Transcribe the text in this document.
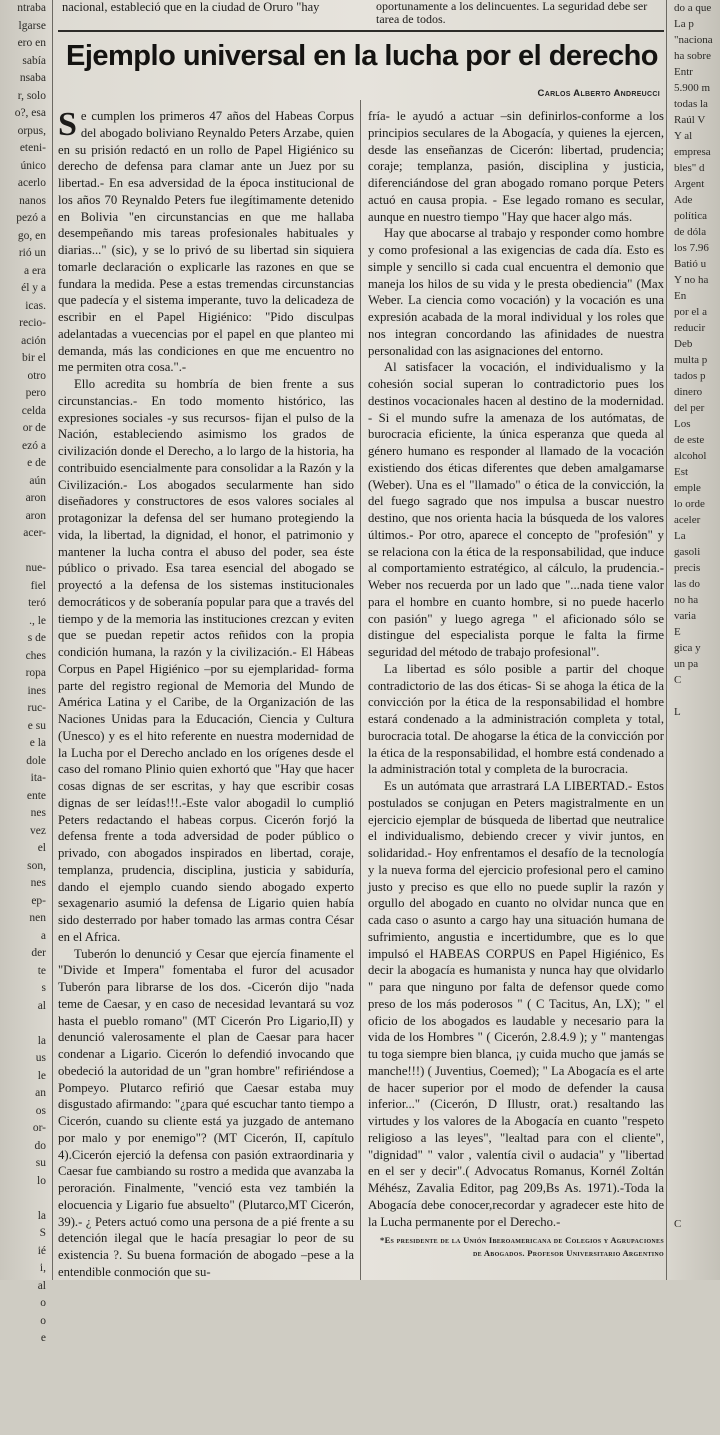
ntraba
lgarse
ero en
sabía
nsaba
r, solo
o?, esa
orpus,
eteni-
único
acerlo
nanos
pezó a
go, en
rió un
a era
él y a
icas.
recio-
ación
bir el
otro
pero
celda
or de
ezó a
e de
aún
aron
aron
acer-
nue-
fiel
teró
., le
s de
ches
ropa
ines
ruc-
e su
e la
dole
ita-
ente
nes
vez
el
son,
nes
ep-
nen
a
der
te
s
al
la
us
le
an
os
or-
do
su
lo
la
S
ié
i,
al
o
o
e
nacional, estableció que en la ciudad de Oruro "hay	oportunamente a los delincuentes. La seguridad debe ser tarea de todos.
Ejemplo universal en la lucha por el derecho
Carlos Alberto Andreucci

Se cumplen los primeros 47 años del Habeas Corpus del abogado boliviano Reynaldo Peters Arzabe, quien en su prisión redactó en un rollo de Papel Higiénico su derecho de defensa para clamar ante un Juez por su libertad.- En esa adversidad de la época institucional de los años 70 Reynaldo Peters fue ilegítimamente detenido en Bolivia "en circunstancias en que me hallaba desempeñando mis tareas profesionales habituales y diarias..." (sic), y se lo privó de su libertad sin siquiera tomarle declaración o explicarle las razones en que se fundara la medida. Pese a estas tremendas circunstancias que padecía y el sistema imperante, tuvo la delicadeza de escribir en el Papel Higiénico: "Pido disculpas adelantadas a vuecencias por el papel en que planteo mi demanda, más las condiciones en que me encuentro no me permiten otra cosa.".-

Ello acredita su hombría de bien frente a sus circunstancias.- En todo momento histórico, las expresiones sociales -y sus recursos- fijan el pulso de la Nación, estableciendo asimismo los grados de civilización donde el Derecho, a lo largo de la historia, ha contribuido esencialmente para consolidar a la Razón y la Civilización.- Los abogados secularmente han sido diseñadores y constructores de esos valores sociales al protagonizar la defensa del ser humano protegiendo la vida, la libertad, la dignidad, el honor, el patrimonio y mantener la lucha contra el abuso del poder, sea éste público o privado. Esa tarea esencial del abogado se proyectó a la defensa de los sistemas institucionales democráticos y de soberanía popular para que a través del tiempo y de la memoria las instituciones crezcan y eviten que se puedan repetir actos reñidos con la propia condición humana, la razón y la civilización.- El Hábeas Corpus en Papel Higiénico –por su ejemplaridad- forma parte del registro regional de Memoria del Mundo de América Latina y el Caribe, de la Organización de las Naciones Unidas para la Educación, Ciencia y Cultura (Unesco) y es el hito referente en nuestra modernidad de la Lucha por el Derecho anclado en los orígenes desde el caso del romano Plinio quien exhortó que "Hay que hacer cosas dignas de ser escritas, y hay que escribir cosas dignas de ser leídas!!!.-Este valor abogadil lo cumplió Peters redactando el habeas corpus. Cicerón forjó la defensa frente a toda adversidad de poder público o privado, con abogados inspirados en libertad, coraje, templanza, prudencia, disciplina, justicia y sabiduría, dando el ejemplo cuando siendo abogado experto sexagenario asumió la defensa de Ligario quien había sido desterrado por haber tomado las armas contra César en el Africa.

Tuberón lo denunció y Cesar que ejercía finamente el "Divide et Impera" fomentaba el furor del acusador Tuberón para librarse de los dos. -Cicerón dijo "nada teme de Caesar, y en caso de necesidad levantará su voz hasta el pueblo romano" (MT Cicerón Pro Ligario,II) y denunció valerosamente el plan de Caesar para hacer condenar a Ligario. Cicerón lo defendió invocando que obedeció la autoridad de un "gran hombre" refiriéndose a Pompeyo. Plutarco refirió que Caesar estaba muy disgustado afirmando: "¿para qué escuchar tanto tiempo a Cicerón, cuando su cliente está ya juzgado de antemano por malo y por enemigo"? (MT Cicerón, II, capítulo 4).Cicerón ejerció la defensa con pasión extraordinaria y Caesar fue cambiando su rostro a medida que avanzaba la peroración. Finalmente, "venció esta vez también la elocuencia y Ligario fue absuelto" (Plutarco,MT Cicerón, 39).- ¿ Peters actuó como una persona de a pié frente a su detención ilegal que le hacía presagiar lo peor de su existencia ?. Su buena formación de abogado –pese a la entendible conmoción que su-

fría- le ayudó a actuar –sin definirlos-conforme a los principios seculares de la Abogacía, y quienes la ejercen, desde las enseñanzas de Cicerón: libertad, prudencia; coraje; templanza, pasión, disciplina y justicia, diferenciándose del gran abogado romano porque Peters actuó en causa propia. - Ese legado romano es secular, aunque en nuestro tiempo "Hay que hacer algo más.

Hay que abocarse al trabajo y responder como hombre y como profesional a las exigencias de cada día. Esto es simple y sencillo si cada cual encuentra el demonio que maneja los hilos de su vida y le presta obediencia" (Max Weber. La ciencia como vocación) y la vocación es una expresión acabada de la moral individual y los roles que nos integran concordando las afinidades de nuestra personalidad con las asignaciones del entorno.

Al satisfacer la vocación, el individualismo y la cohesión social superan lo contradictorio pues los destinos vocacionales hacen al destino de la modernidad. - Si el mundo sufre la amenaza de los autómatas, de burocracia eficiente, la única esperanza que queda al género humano es responder al llamado de la vocación existiendo dos éticas diferentes que deben amalgamarse (Weber). Una es el "llamado" o ética de la convicción, la del fuego sagrado que nos impulsa a buscar nuestro destino, que nos orienta hacia la búsqueda de los valores últimos.- Por otro, aparece el concepto de "profesión" y se relaciona con la ética de la responsabilidad, que induce al comportamiento estratégico, al cálculo, la prudencia.- Weber nos recuerda por un lado que "...nada tiene valor para el hombre en cuanto hombre, si no puede hacerlo con pasión" y luego agrega " el aficionado sólo se distingue del especialista porque le falta la firme seguridad del método de trabajo profesional".

La libertad es sólo posible a partir del choque contradictorio de las dos éticas- Si se ahoga la ética de la convicción por la ética de la responsabilidad el hombre estará condenado a la administración completa y total, burocracia total. De ahogarse la ética de la convicción por la ética de la responsabilidad, el hombre está condenado a la administración total y completa de la burocracia.

Es un autómata que arrastrará LA LIBERTAD.- Estos postulados se conjugan en Peters magistralmente en un ejercicio ejemplar de búsqueda de libertad que neutralice el individualismo, debiendo crecer y vivir juntos, en solidaridad.- Hoy enfrentamos el desafío de la tecnología y la nueva forma del ejercicio profesional pero el camino justo y preciso es que ello no puede suplir la razón y orgullo del abogado en cuanto no olvidar nunca que en cada caso o asunto a cargo hay una situación humana de sufrimiento, angustia e incertidumbre, que es lo que impulsó el HABEAS CORPUS en Papel Higiénico, Es decir la abogacía es humanista y nunca hay que olvidarlo " para que ninguno por falta de defensor quede como preso de los más poderosos " ( C Tacitus, An, LX); " el oficio de los abogados es laudable y necesario para la vida de los Hombres " ( Cicerón, 2.8.4.9 ); y " mantengas tu toga siempre bien blanca, ¡y cuida mucho que jamás se manche!!!) ( Juventius, Coemed); " La Abogacía es el arte de hacer superior por el modo de defender la causa inferior..." (Cicerón, D Illustr, orat.) resaltando las virtudes y los valores de la Abogacía en cuanto "respeto religioso a las leyes", "lealtad para con el cliente", "dignidad" " valor , valentía civil o audacia" y "libertad en el ser y decir".( Advocatus Romanus, Kornél Zoltán Méhész, Zavalia Editor, pag 209,Bs As. 1971).-Toda la Abogacía debe conocer,recordar y agradecer este hito de la Lucha permanente por el Derecho.-

*Es presidente de la Unión Iberoamericana de Colegios y Agrupaciones
de Abogados. Profesor Universitario Argentino
do a que
La p
"naciona
ha sobre
Entr
5.900 m
todas la
Raúl V
Y al
empresa
bles" d
Argent
Ade
política
de dóla
los 7.96
Batió u
Y no ha
En
por el a
reducir
Deb
multa p
tados p
dinero
del per
Los
de este
alcohol
Est
emple
lo orde
aceler
La
gasoli
precis
las do
no ha
varia
E
gica y
un pa
C
L
C
